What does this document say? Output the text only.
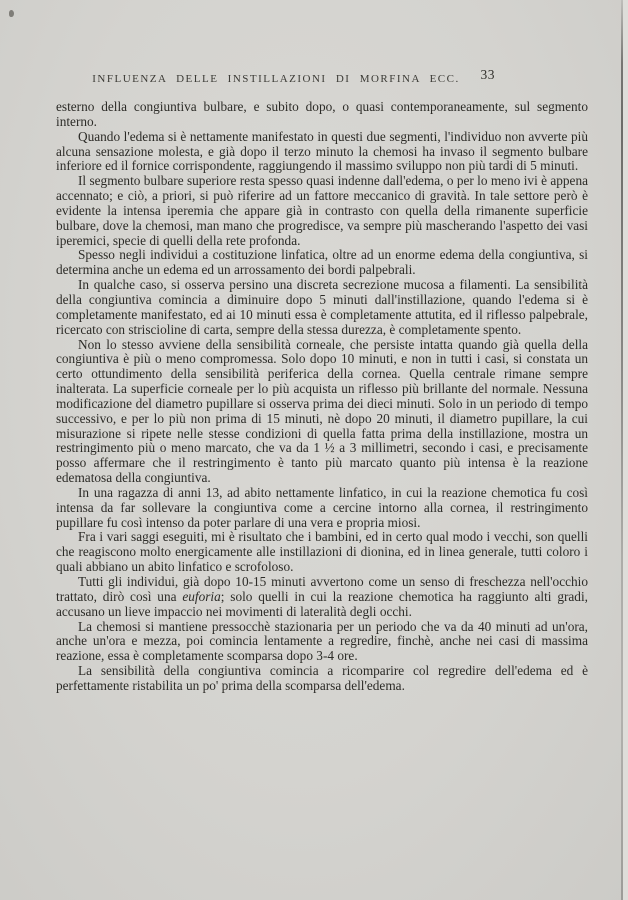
INFLUENZA DELLE INSTILLAZIONI DI MORFINA ECC. 33

esterno della congiuntiva bulbare, e subito dopo, o quasi contemporaneamente, sul segmento interno.

Quando l'edema si è nettamente manifestato in questi due segmenti, l'individuo non avverte più alcuna sensazione molesta, e già dopo il terzo minuto la chemosi ha invaso il segmento bulbare inferiore ed il fornice corrispondente, raggiungendo il massimo sviluppo non più tardi di 5 minuti.

Il segmento bulbare superiore resta spesso quasi indenne dall'edema, o per lo meno ivi è appena accennato; e ciò, a priori, si può riferire ad un fattore meccanico di gravità. In tale settore però è evidente la intensa iperemia che appare già in contrasto con quella della rimanente superficie bulbare, dove la chemosi, man mano che progredisce, va sempre più mascherando l'aspetto dei vasi iperemici, specie di quelli della rete profonda.

Spesso negli individui a costituzione linfatica, oltre ad un enorme edema della congiuntiva, si determina anche un edema ed un arrossamento dei bordi palpebrali.

In qualche caso, si osserva persino una discreta secrezione mucosa a filamenti. La sensibilità della congiuntiva comincia a diminuire dopo 5 minuti dall'instillazione, quando l'edema si è completamente manifestato, ed ai 10 minuti essa è completamente attutita, ed il riflesso palpebrale, ricercato con striscioline di carta, sempre della stessa durezza, è completamente spento.

Non lo stesso avviene della sensibilità corneale, che persiste intatta quando già quella della congiuntiva è più o meno compromessa. Solo dopo 10 minuti, e non in tutti i casi, si constata un certo ottundimento della sensibilità periferica della cornea. Quella centrale rimane sempre inalterata. La superficie corneale per lo più acquista un riflesso più brillante del normale. Nessuna modificazione del diametro pupillare si osserva prima dei dieci minuti. Solo in un periodo di tempo successivo, e per lo più non prima di 15 minuti, nè dopo 20 minuti, il diametro pupillare, la cui misurazione si ripete nelle stesse condizioni di quella fatta prima della instillazione, mostra un restringimento più o meno marcato, che va da 1 ½ a 3 millimetri, secondo i casi, e precisamente posso affermare che il restringimento è tanto più marcato quanto più intensa è la reazione edematosa della congiuntiva.

In una ragazza di anni 13, ad abito nettamente linfatico, in cui la reazione chemotica fu così intensa da far sollevare la congiuntiva come a cercine intorno alla cornea, il restringimento pupillare fu così intenso da poter parlare di una vera e propria miosi.

Fra i vari saggi eseguiti, mi è risultato che i bambini, ed in certo qual modo i vecchi, son quelli che reagiscono molto energicamente alle instillazioni di dionina, ed in linea generale, tutti coloro i quali abbiano un abito linfatico e scrofoloso.

Tutti gli individui, già dopo 10-15 minuti avvertono come un senso di freschezza nell'occhio trattato, dirò così una euforia; solo quelli in cui la reazione chemotica ha raggiunto alti gradi, accusano un lieve impaccio nei movimenti di lateralità degli occhi.

La chemosi si mantiene pressocchè stazionaria per un periodo che va da 40 minuti ad un'ora, anche un'ora e mezza, poi comincia lentamente a regredire, finchè, anche nei casi di massima reazione, essa è completamente scomparsa dopo 3-4 ore.

La sensibilità della congiuntiva comincia a ricomparire col regredire dell'edema ed è perfettamente ristabilita un po' prima della scomparsa dell'edema.
